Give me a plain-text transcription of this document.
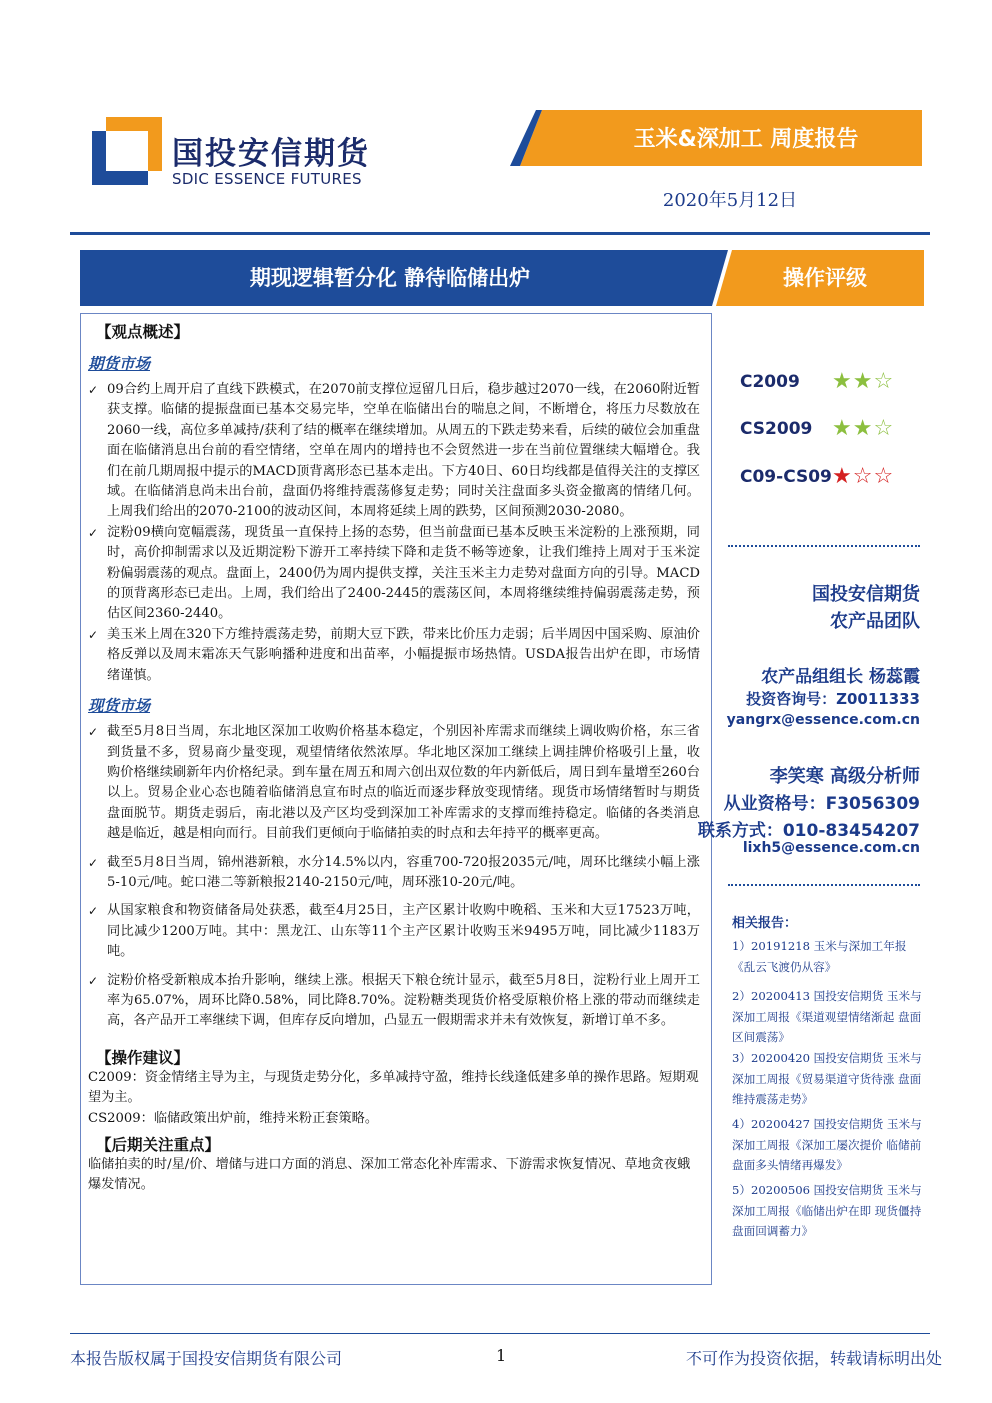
国投安信期货
SDIC ESSENCE FUTURES
玉米&深加工 周度报告
2020年5月12日
期现逻辑暂分化 静待临储出炉	操作评级
【观点概述】
期货市场
✓ 09合约上周开启了直线下跌模式，在2070前支撑位逗留几日后，稳步越过2070一线，在2060附近暂获支撑。临储的提振盘面已基本交易完毕，空单在临储出台的喘息之间，不断增仓，将压力尽数放在2060一线，高位多单减持/获利了结的概率在继续增加。从周五的下跌走势来看，后续的破位会加重盘面在临储消息出台前的看空情绪，空单在周内的增持也不会贸然进一步在当前位置继续大幅增仓。我们在前几期周报中提示的MACD顶背离形态已基本走出。下方40日、60日均线都是值得关注的支撑区域。在临储消息尚未出台前，盘面仍将维持震荡修复走势；同时关注盘面多头资金撤离的情绪几何。上周我们给出的2070-2100的波动区间，本周将延续上周的跌势，区间预测2030-2080。
✓ 淀粉09横向宽幅震荡，现货虽一直保持上扬的态势，但当前盘面已基本反映玉米淀粉的上涨预期，同时，高价抑制需求以及近期淀粉下游开工率持续下降和走货不畅等迹象，让我们维持上周对于玉米淀粉偏弱震荡的观点。盘面上，2400仍为周内提供支撑，关注玉米主力走势对盘面方向的引导。MACD的顶背离形态已走出。上周，我们给出了2400-2445的震荡区间，本周将继续维持偏弱震荡走势，预估区间2360-2440。
✓ 美玉米上周在320下方维持震荡走势，前期大豆下跌，带来比价压力走弱；后半周因中国采购、原油价格反弹以及周末霜冻天气影响播种进度和出苗率，小幅提振市场热情。USDA报告出炉在即，市场情绪谨慎。
现货市场
✓ 截至5月8日当周，东北地区深加工收购价格基本稳定，个别因补库需求而继续上调收购价格，东三省到货量不多，贸易商少量变现，观望情绪依然浓厚。华北地区深加工继续上调挂牌价格吸引上量，收购价格继续刷新年内价格纪录。到车量在周五和周六创出双位数的年内新低后，周日到车量增至260台以上。贸易企业心态也随着临储消息宣布时点的临近而逐步释放变现情绪。现货市场情绪暂时与期货盘面脱节。期货走弱后，南北港以及产区均受到深加工补库需求的支撑而维持稳定。临储的各类消息越是临近，越是相向而行。目前我们更倾向于临储拍卖的时点和去年持平的概率更高。
✓ 截至5月8日当周，锦州港新粮，水分14.5%以内，容重700-720报2035元/吨，周环比继续小幅上涨5-10元/吨。蛇口港二等新粮报2140-2150元/吨，周环涨10-20元/吨。
✓ 从国家粮食和物资储备局处获悉，截至4月25日，主产区累计收购中晚稻、玉米和大豆17523万吨，同比减少1200万吨。其中：黑龙江、山东等11个主产区累计收购玉米9495万吨，同比减少1183万吨。
✓ 淀粉价格受新粮成本抬升影响，继续上涨。根据天下粮仓统计显示，截至5月8日，淀粉行业上周开工率为65.07%，周环比降0.58%，同比降8.70%。淀粉糖类现货价格受原粮价格上涨的带动而继续走高，各产品开工率继续下调，但库存反向增加，凸显五一假期需求并未有效恢复，新增订单不多。
【操作建议】
C2009：资金情绪主导为主，与现货走势分化，多单减持守盈，维持长线逢低建多单的操作思路。短期观望为主。
CS2009：临储政策出炉前，维持米粉正套策略。
【后期关注重点】
临储拍卖的时/星/价、增储与进口方面的消息、深加工常态化补库需求、下游需求恢复情况、草地贪夜蛾爆发情况。
C2009 ★★☆
CS2009 ★★☆
C09-CS09 ★☆☆
国投安信期货
农产品团队
农产品组组长 杨蕊霞
投资咨询号：Z0011333
yangrx@essence.com.cn
李笑寒 高级分析师
从业资格号：F3056309
联系方式：010-83454207
lixh5@essence.com.cn
相关报告：
1）20191218 玉米与深加工年报《乱云飞渡仍从容》
2）20200413 国投安信期货 玉米与深加工周报《渠道观望情绪渐起 盘面区间震荡》
3）20200420 国投安信期货 玉米与深加工周报《贸易渠道守货待涨 盘面维持震荡走势》
4）20200427 国投安信期货 玉米与深加工周报《深加工屡次提价 临储前盘面多头情绪再爆发》
5）20200506 国投安信期货 玉米与深加工周报《临储出炉在即 现货僵持 盘面回调蓄力》
本报告版权属于国投安信期货有限公司	1	不可作为投资依据，转载请标明出处
